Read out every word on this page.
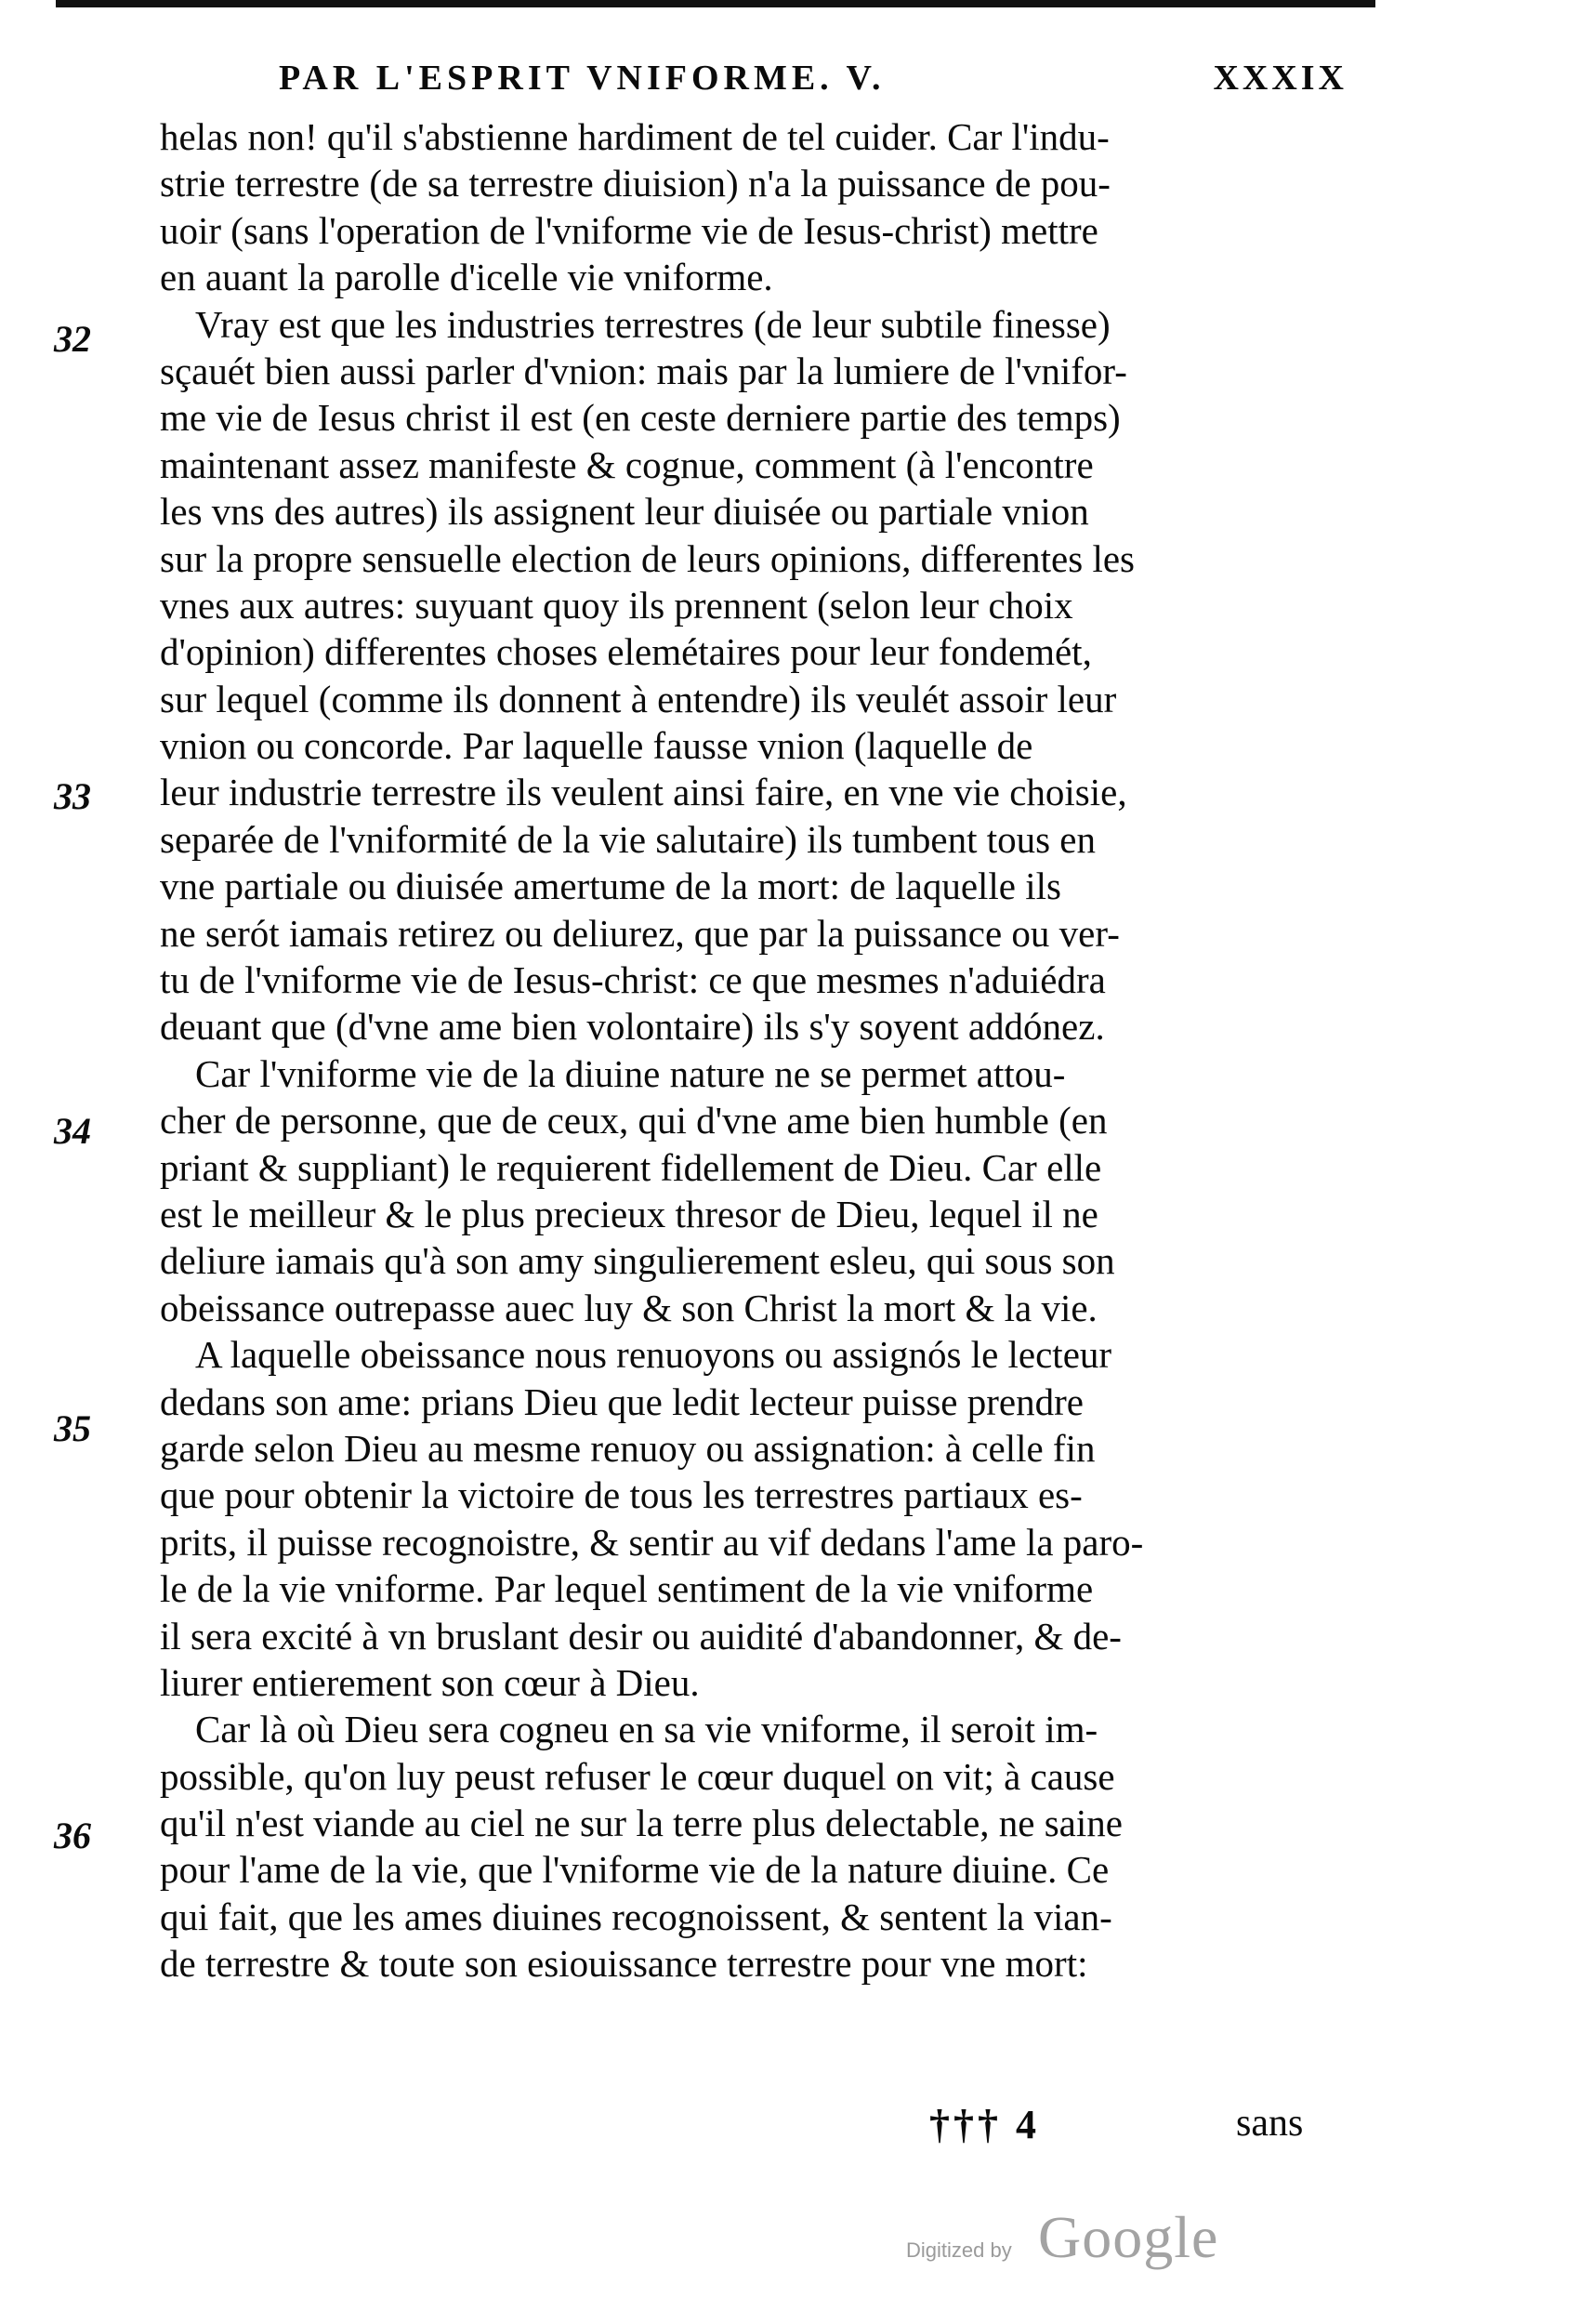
PAR L'ESPRIT VNIFORME. V.	XXXIX
32
33
34
35
36
helas non! qu'il s'abstienne hardiment de tel cuider. Car l'indu-
strie terrestre (de sa terrestre diuision) n'a la puissance de pou-
uoir (sans l'operation de l'vniforme vie de Iesus-christ) mettre
en auant la parolle d'icelle vie vniforme.
Vray est que les industries terrestres (de leur subtile finesse)
sçauét bien aussi parler d'vnion: mais par la lumiere de l'vnifor-
me vie de Iesus christ il est (en ceste derniere partie des temps)
maintenant assez manifeste & cognue, comment (à l'encontre
les vns des autres) ils assignent leur diuisée ou partiale vnion
sur la propre sensuelle election de leurs opinions, differentes les
vnes aux autres: suyuant quoy ils prennent (selon leur choix
d'opinion) differentes choses elemétaires pour leur fondemét,
sur lequel (comme ils donnent à entendre) ils veulét assoir leur
vnion ou concorde. Par laquelle fausse vnion (laquelle de
leur industrie terrestre ils veulent ainsi faire, en vne vie choisie,
separée de l'vniformité de la vie salutaire) ils tumbent tous en
vne partiale ou diuisée amertume de la mort: de laquelle ils
ne serót iamais retirez ou deliurez, que par la puissance ou ver-
tu de l'vniforme vie de Iesus-christ: ce que mesmes n'aduiédra
deuant que (d'vne ame bien volontaire) ils s'y soyent addónez.
Car l'vniforme vie de la diuine nature ne se permet attou-
cher de personne, que de ceux, qui d'vne ame bien humble (en
priant & suppliant) le requierent fidellement de Dieu. Car elle
est le meilleur & le plus precieux thresor de Dieu, lequel il ne
deliure iamais qu'à son amy singulierement esleu, qui sous son
obeissance outrepasse auec luy & son Christ la mort & la vie.
A laquelle obeissance nous renuoyons ou assignós le lecteur
dedans son ame: prians Dieu que ledit lecteur puisse prendre
garde selon Dieu au mesme renuoy ou assignation: à celle fin
que pour obtenir la victoire de tous les terrestres partiaux es-
prits, il puisse recognoistre, & sentir au vif dedans l'ame la paro-
le de la vie vniforme. Par lequel sentiment de la vie vniforme
il sera excité à vn bruslant desir ou auidité d'abandonner, & de-
liurer entierement son cœur à Dieu.
Car là où Dieu sera cogneu en sa vie vniforme, il seroit im-
possible, qu'on luy peust refuser le cœur duquel on vit; à cause
qu'il n'est viande au ciel ne sur la terre plus delectable, ne saine
pour l'ame de la vie, que l'vniforme vie de la nature diuine. Ce
qui fait, que les ames diuines recognoissent, & sentent la vian-
de terrestre & toute son esiouissance terrestre pour vne mort:
††† 4	sans
Digitized by Google
